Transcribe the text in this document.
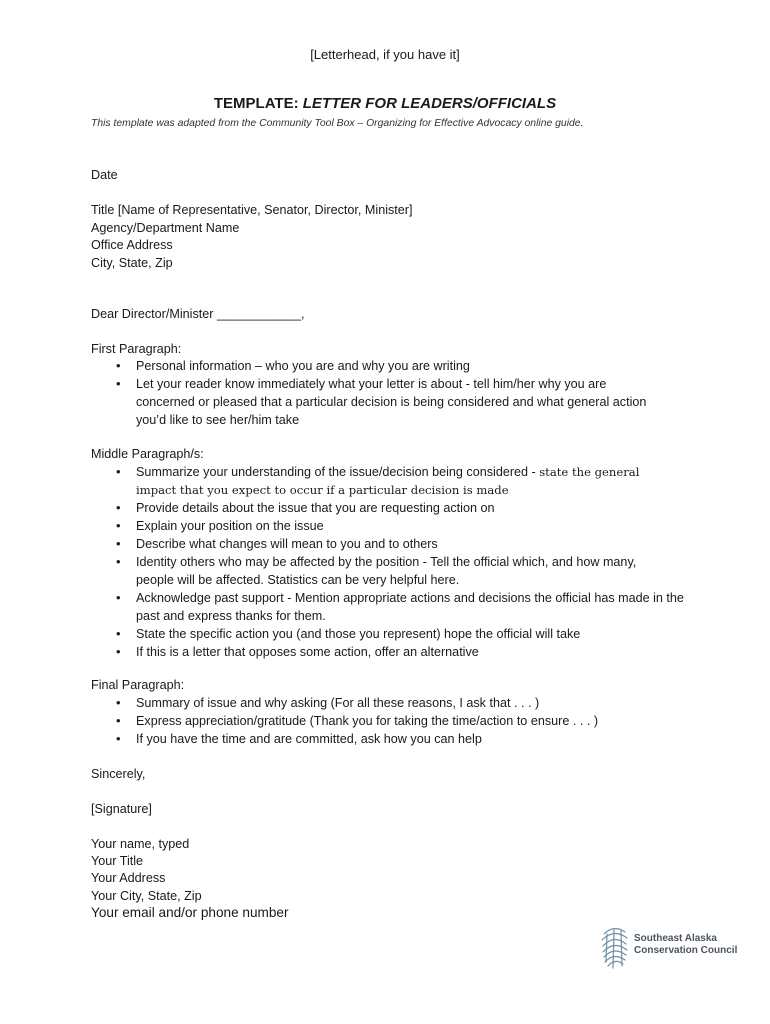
[Letterhead, if you have it]
TEMPLATE: LETTER FOR LEADERS/OFFICIALS
This template was adapted from the Community Tool Box – Organizing for Effective Advocacy online guide.
Date
Title [Name of Representative, Senator, Director, Minister]
Agency/Department Name
Office Address
City, State, Zip
Dear Director/Minister ____________,
First Paragraph:
• Personal information – who you are and why you are writing
• Let your reader know immediately what your letter is about - tell him/her why you are concerned or pleased that a particular decision is being considered and what general action you’d like to see her/him take
Middle Paragraph/s:
• Summarize your understanding of the issue/decision being considered - state the general impact that you expect to occur if a particular decision is made
• Provide details about the issue that you are requesting action on
• Explain your position on the issue
• Describe what changes will mean to you and to others
• Identity others who may be affected by the position - Tell the official which, and how many, people will be affected. Statistics can be very helpful here.
• Acknowledge past support - Mention appropriate actions and decisions the official has made in the past and express thanks for them.
• State the specific action you (and those you represent) hope the official will take
• If this is a letter that opposes some action, offer an alternative
Final Paragraph:
• Summary of issue and why asking (For all these reasons, I ask that . . . )
• Express appreciation/gratitude (Thank you for taking the time/action to ensure . . . )
• If you have the time and are committed, ask how you can help
Sincerely,
[Signature]
Your name, typed
Your Title
Your Address
Your City, State, Zip
Your email and/or phone number
Southeast Alaska
Conservation Council
